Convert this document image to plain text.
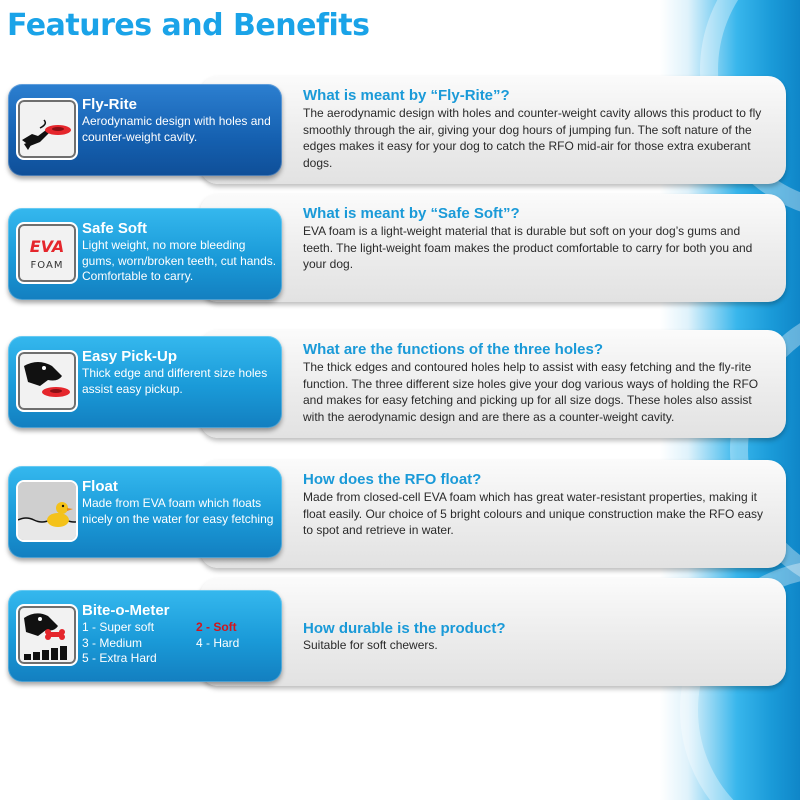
Features and Benefits
What is meant by “Fly-Rite”?
The aerodynamic design with holes and counter-weight cavity allows this product to fly smoothly through the air, giving your dog hours of jumping fun. The soft nature of the edges makes it easy for your dog to catch the RFO mid-air for those extra exuberant dogs.
Fly-Rite
Aerodynamic design with holes and counter-weight cavity.
What is meant by “Safe Soft”?
EVA foam is a light-weight material that is durable but soft on your dog’s gums and teeth. The light-weight foam makes the product comfortable to carry for both you and your dog.
EVA
FOAM
Safe Soft
Light weight, no more bleeding gums, worn/broken teeth, cut hands. Comfortable to carry.
What are the functions of the three holes?
The thick edges and contoured holes help to assist with easy fetching and the fly-rite function. The three different size holes give your dog various ways of holding the RFO and makes for easy fetching and picking up for all size dogs. These holes also assist with the aerodynamic design and are there as a counter-weight cavity.
Easy Pick-Up
Thick edge and different size holes assist easy pickup.
How does the RFO float?
Made from closed-cell EVA foam which has great water-resistant properties, making it float easily. Our choice of 5 bright colours and unique construction make the RFO easy to spot and retrieve in water.
Float
Made from EVA foam which floats nicely on the water for easy fetching
How durable is the product?
Suitable for soft chewers.
Bite-o-Meter
1 - Super soft	2 - Soft
3 - Medium	4 - Hard
5 - Extra Hard
